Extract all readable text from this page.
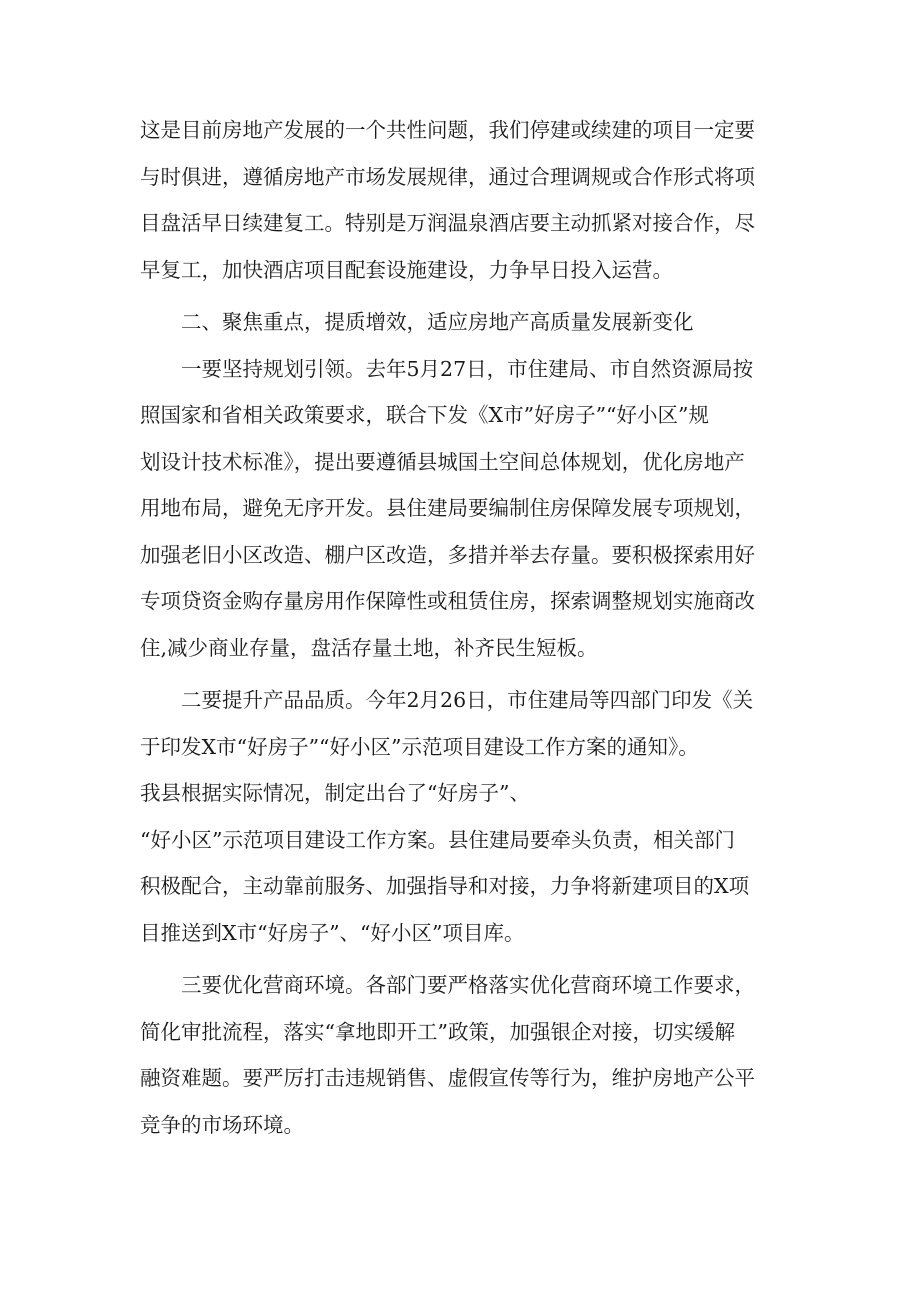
这是目前房地产发展的一个共性问题，我们停建或续建的项目一定要
与时俱进，遵循房地产市场发展规律，通过合理调规或合作形式将项
目盘活早日续建复工。特别是万润温泉酒店要主动抓紧对接合作，尽
早复工，加快酒店项目配套设施建设，力争早日投入运营。
二、聚焦重点，提质增效，适应房地产高质量发展新变化
一要坚持规划引领。去年5月27日，市住建局、市自然资源局按
照国家和省相关政策要求，联合下发《X市”好房子”“好小区”规
划设计技术标准》，提出要遵循县城国土空间总体规划，优化房地产
用地布局，避免无序开发。县住建局要编制住房保障发展专项规划，
加强老旧小区改造、棚户区改造，多措并举去存量。要积极探索用好
专项贷资金购存量房用作保障性或租赁住房，探索调整规划实施商改
住,减少商业存量，盘活存量土地，补齐民生短板。
二要提升产品品质。今年2月26日，市住建局等四部门印发《关
于印发X市“好房子”“好小区”示范项目建设工作方案的通知》。
我县根据实际情况，制定出台了“好房子”、
“好小区”示范项目建设工作方案。县住建局要牵头负责，相关部门
积极配合，主动靠前服务、加强指导和对接，力争将新建项目的X项
目推送到X市“好房子”、“好小区”项目库。
三要优化营商环境。各部门要严格落实优化营商环境工作要求，
简化审批流程，落实“拿地即开工”政策，加强银企对接，切实缓解
融资难题。要严厉打击违规销售、虚假宣传等行为，维护房地产公平
竞争的市场环境。
